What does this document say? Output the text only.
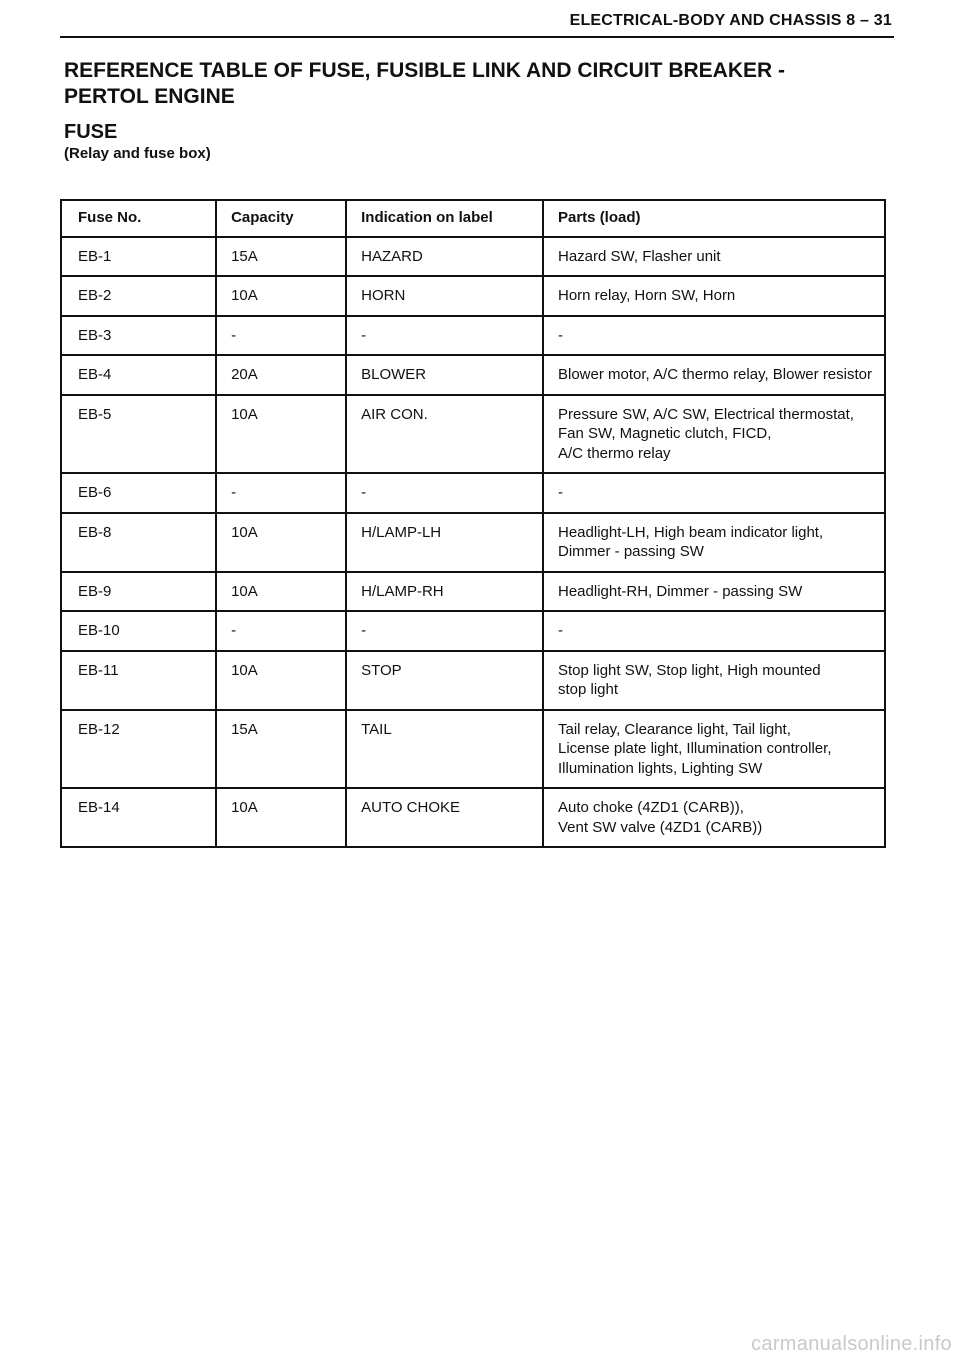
ELECTRICAL-BODY AND CHASSIS 8 – 31
REFERENCE TABLE OF FUSE, FUSIBLE LINK AND CIRCUIT BREAKER -
PERTOL ENGINE
FUSE
(Relay and fuse box)
Fuse No.	Capacity	Indication on label	Parts (load)
EB-1	15A	HAZARD	Hazard SW, Flasher unit

EB-2	10A	HORN	Horn relay, Horn SW, Horn

EB-3	-	-	-

EB-4	20A	BLOWER	Blower motor, A/C thermo relay, Blower resistor

EB-5	10A	AIR CON.	Pressure SW, A/C SW, Electrical thermostat,
Fan SW, Magnetic clutch, FICD,
A/C thermo relay

EB-6	-	-	-

EB-8	10A	H/LAMP-LH	Headlight-LH, High beam indicator light,
Dimmer - passing SW

EB-9	10A	H/LAMP-RH	Headlight-RH, Dimmer - passing SW

EB-10	-	-	-

EB-11	10A	STOP	Stop light SW, Stop light, High mounted
stop light

EB-12	15A	TAIL	Tail relay, Clearance light, Tail light,
License plate light, Illumination controller,
Illumination lights, Lighting SW

EB-14	10A	AUTO CHOKE	Auto choke (4ZD1 (CARB)),
Vent SW valve (4ZD1 (CARB))
carmanualsonline.info
